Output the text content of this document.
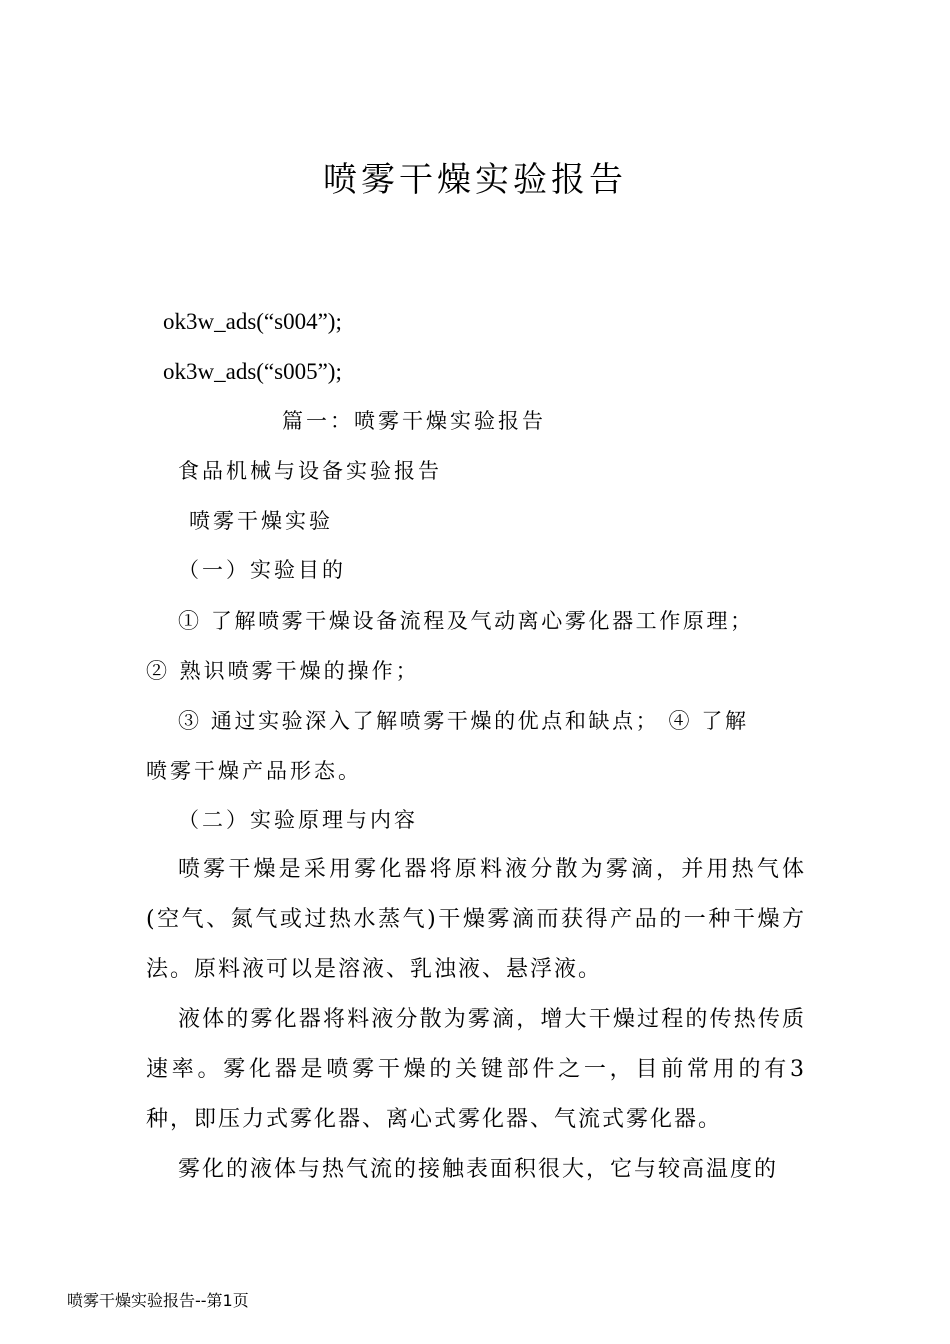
喷雾干燥实验报告
ok3w_ads(“s004”);
ok3w_ads(“s005”);
篇一：喷雾干燥实验报告
食品机械与设备实验报告
喷雾干燥实验
（一）实验目的
① 了解喷雾干燥设备流程及气动离心雾化器工作原理；
② 熟识喷雾干燥的操作；
③ 通过实验深入了解喷雾干燥的优点和缺点； ④ 了解
喷雾干燥产品形态。
（二）实验原理与内容
喷雾干燥是采用雾化器将原料液分散为雾滴，并用热气体(空气、氮气或过热水蒸气)干燥雾滴而获得产品的一种干燥方法。原料液可以是溶液、乳浊液、悬浮液。
液体的雾化器将料液分散为雾滴，增大干燥过程的传热传质速率。雾化器是喷雾干燥的关键部件之一，目前常用的有3种，即压力式雾化器、离心式雾化器、气流式雾化器。
雾化的液体与热气流的接触表面积很大，它与较高温度的
喷雾干燥实验报告--第1页
